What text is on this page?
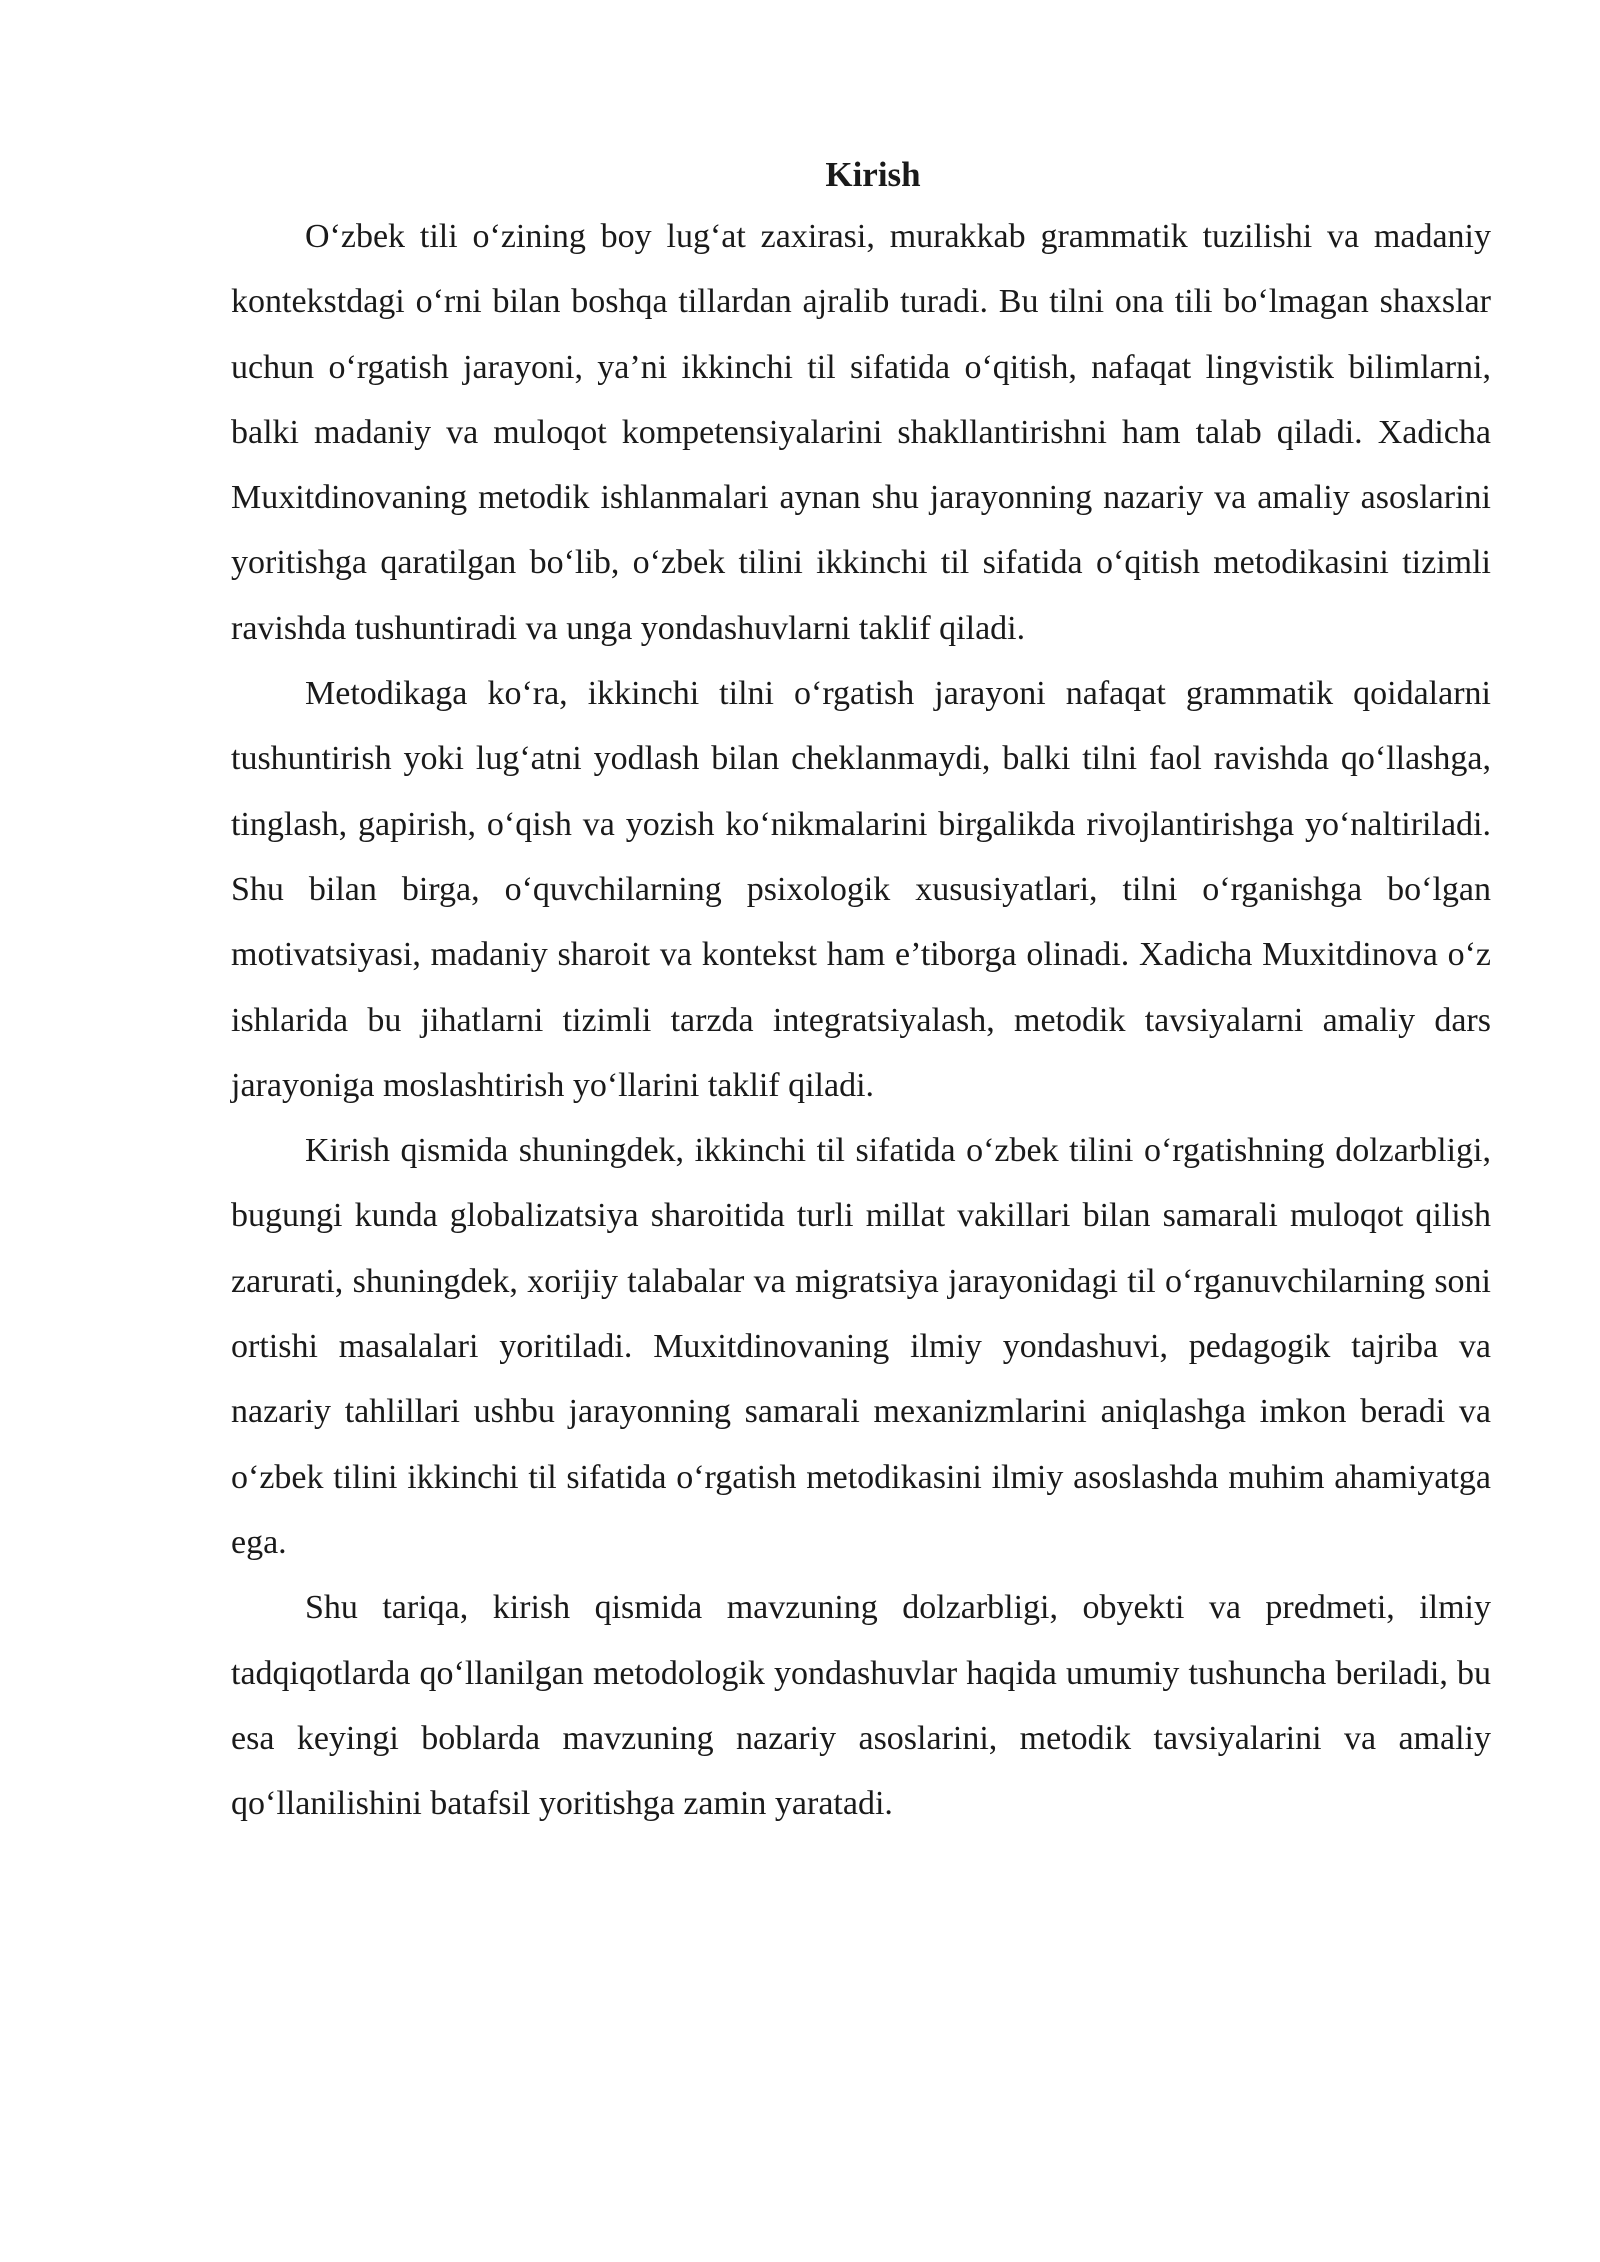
Kirish

O‘zbek tili o‘zining boy lug‘at zaxirasi, murakkab grammatik tuzilishi va madaniy kontekstdagi o‘rni bilan boshqa tillardan ajralib turadi. Bu tilni ona tili bo‘lmagan shaxslar uchun o‘rgatish jarayoni, ya’ni ikkinchi til sifatida o‘qitish, nafaqat lingvistik bilimlarni, balki madaniy va muloqot kompetensiyalarini shakllantirishni ham talab qiladi. Xadicha Muxitdinovaning metodik ishlanmalari aynan shu jarayonning nazariy va amaliy asoslarini yoritishga qaratilgan bo‘lib, o‘zbek tilini ikkinchi til sifatida o‘qitish metodikasini tizimli ravishda tushuntiradi va unga yondashuvlarni taklif qiladi.

Metodikaga ko‘ra, ikkinchi tilni o‘rgatish jarayoni nafaqat grammatik qoidalarni tushuntirish yoki lug‘atni yodlash bilan cheklanmaydi, balki tilni faol ravishda qo‘llashga, tinglash, gapirish, o‘qish va yozish ko‘nikmalarini birgalikda rivojlantirishga yo‘naltiriladi. Shu bilan birga, o‘quvchilarning psixologik xususiyatlari, tilni o‘rganishga bo‘lgan motivatsiyasi, madaniy sharoit va kontekst ham e’tiborga olinadi. Xadicha Muxitdinova o‘z ishlarida bu jihatlarni tizimli tarzda integratsiyalash, metodik tavsiyalarni amaliy dars jarayoniga moslashtirish yo‘llarini taklif qiladi.

Kirish qismida shuningdek, ikkinchi til sifatida o‘zbek tilini o‘rgatishning dolzarbligi, bugungi kunda globalizatsiya sharoitida turli millat vakillari bilan samarali muloqot qilish zarurati, shuningdek, xorijiy talabalar va migratsiya jarayonidagi til o‘rganuvchilarning soni ortishi masalalari yoritiladi. Muxitdinovaning ilmiy yondashuvi, pedagogik tajriba va nazariy tahlillari ushbu jarayonning samarali mexanizmlarini aniqlashga imkon beradi va o‘zbek tilini ikkinchi til sifatida o‘rgatish metodikasini ilmiy asoslashda muhim ahamiyatga ega.

Shu tariqa, kirish qismida mavzuning dolzarbligi, obyekti va predmeti, ilmiy tadqiqotlarda qo‘llanilgan metodologik yondashuvlar haqida umumiy tushuncha beriladi, bu esa keyingi boblarda mavzuning nazariy asoslarini, metodik tavsiyalarini va amaliy qo‘llanilishini batafsil yoritishga zamin yaratadi.
